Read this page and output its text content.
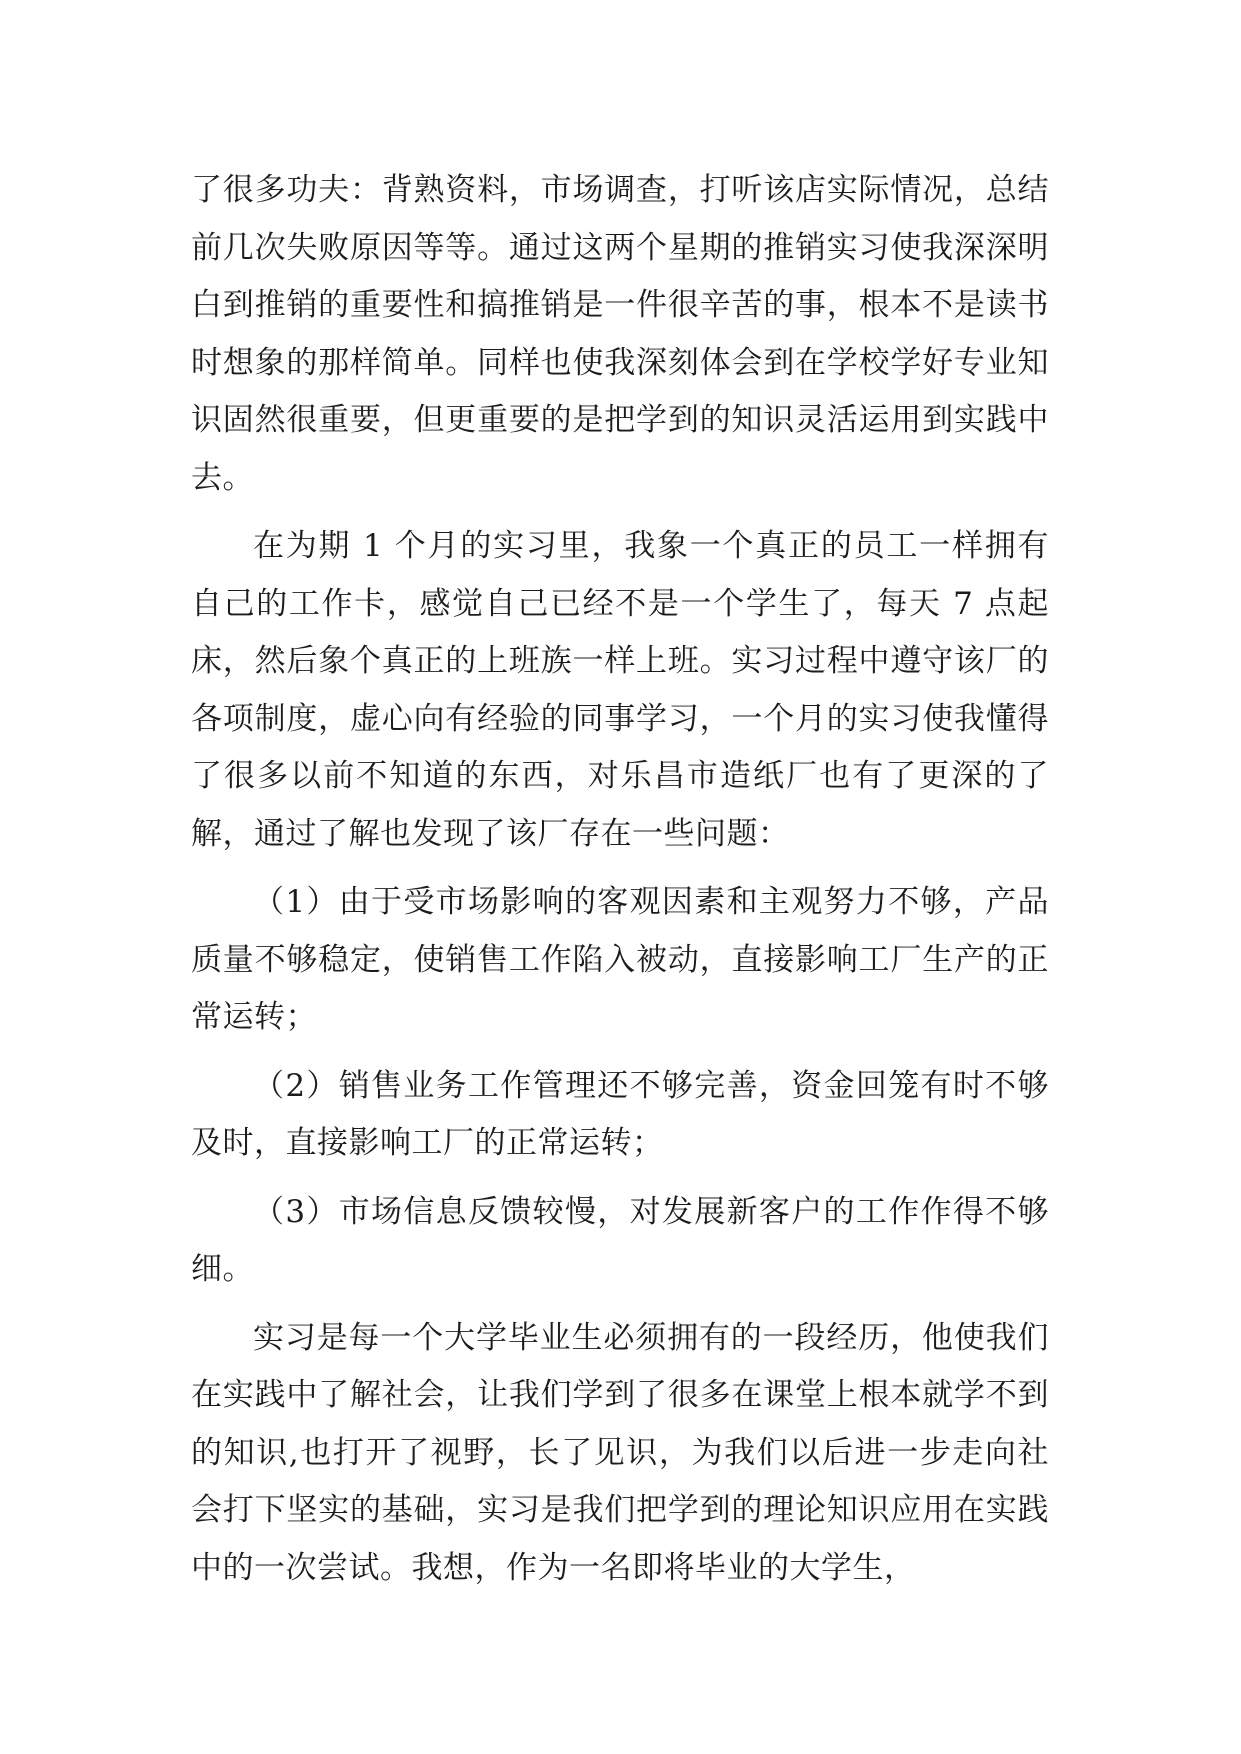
了很多功夫：背熟资料，市场调查，打听该店实际情况，总结前几次失败原因等等。通过这两个星期的推销实习使我深深明白到推销的重要性和搞推销是一件很辛苦的事，根本不是读书时想象的那样简单。同样也使我深刻体会到在学校学好专业知识固然很重要，但更重要的是把学到的知识灵活运用到实践中去。

在为期 1 个月的实习里，我象一个真正的员工一样拥有自己的工作卡，感觉自己已经不是一个学生了，每天 7 点起床，然后象个真正的上班族一样上班。实习过程中遵守该厂的各项制度，虚心向有经验的同事学习，一个月的实习使我懂得了很多以前不知道的东西，对乐昌市造纸厂也有了更深的了解，通过了解也发现了该厂存在一些问题：

（1）由于受市场影响的客观因素和主观努力不够，产品质量不够稳定，使销售工作陷入被动，直接影响工厂生产的正常运转；

（2）销售业务工作管理还不够完善，资金回笼有时不够及时，直接影响工厂的正常运转；

（3）市场信息反馈较慢，对发展新客户的工作作得不够细。

实习是每一个大学毕业生必须拥有的一段经历，他使我们在实践中了解社会，让我们学到了很多在课堂上根本就学不到的知识,也打开了视野，长了见识，为我们以后进一步走向社会打下坚实的基础，实习是我们把学到的理论知识应用在实践中的一次尝试。我想，作为一名即将毕业的大学生，
